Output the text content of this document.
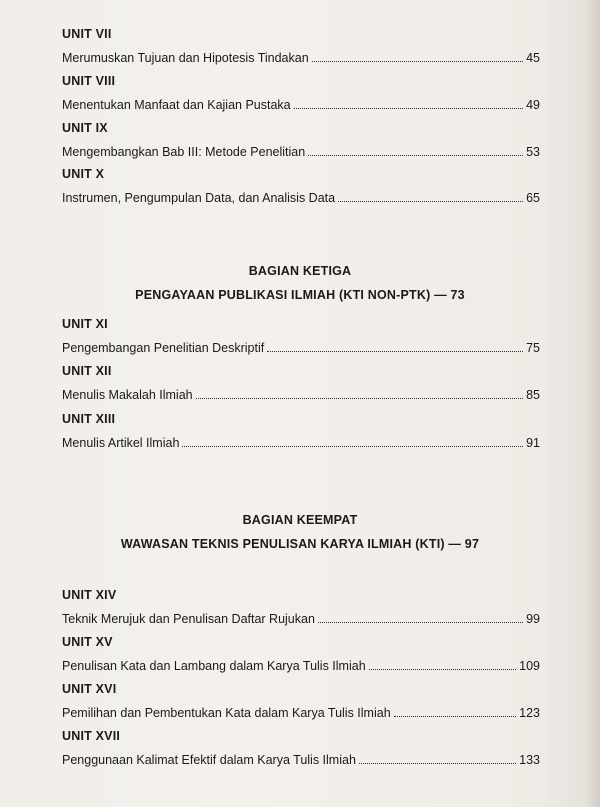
UNIT VII

Merumuskan Tujuan dan Hipotesis Tindakan	45

UNIT VIII

Menentukan Manfaat dan Kajian Pustaka	49

UNIT IX

Mengembangkan Bab III: Metode Penelitian	53

UNIT X

Instrumen, Pengumpulan Data, dan Analisis Data	65
BAGIAN KETIGA
PENGAYAAN PUBLIKASI ILMIAH (KTI NON-PTK) — 73

UNIT XI

Pengembangan Penelitian Deskriptif	75

UNIT XII

Menulis Makalah Ilmiah	85

UNIT XIII

Menulis Artikel Ilmiah	91
BAGIAN KEEMPAT
WAWASAN TEKNIS PENULISAN KARYA ILMIAH (KTI) — 97

UNIT XIV

Teknik Merujuk dan Penulisan Daftar Rujukan	99

UNIT XV

Penulisan Kata dan Lambang dalam Karya Tulis Ilmiah	109

UNIT XVI

Pemilihan dan Pembentukan Kata dalam Karya Tulis Ilmiah	123

UNIT XVII

Penggunaan Kalimat Efektif dalam Karya Tulis Ilmiah	133
